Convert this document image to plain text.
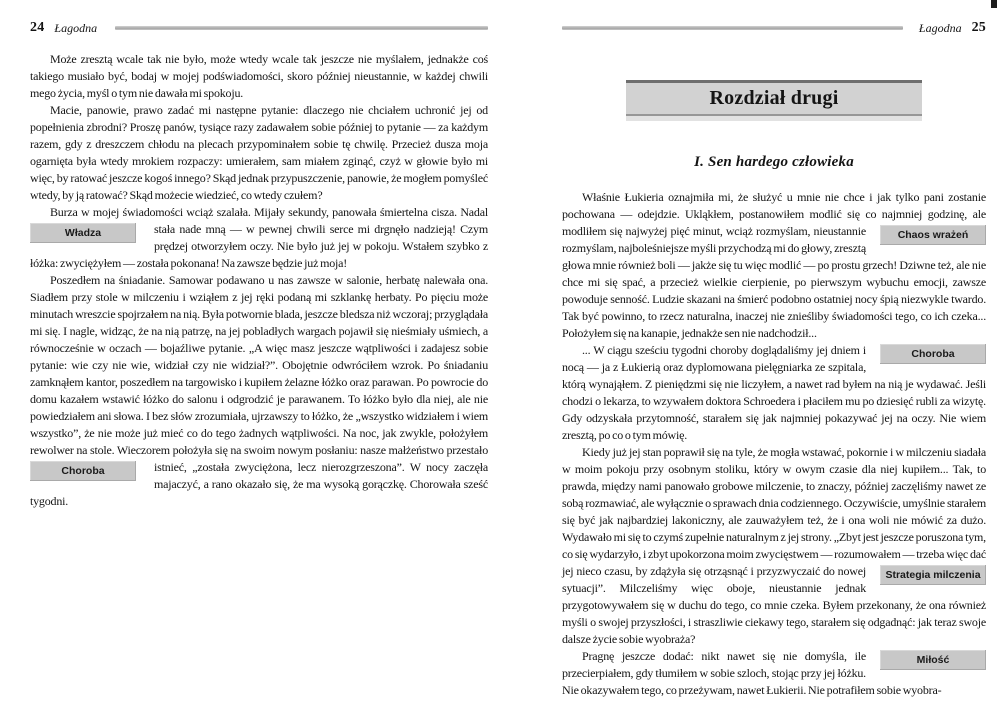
24 Łagodna

Może zresztą wcale tak nie było, może wtedy wcale tak jeszcze nie myślałem, jednakże coś takiego musiało być, bodaj w mojej podświadomości, skoro później nieustannie, w każdej chwili mego życia, myśl o tym nie dawała mi spokoju.

Macie, panowie, prawo zadać mi następne pytanie: dlaczego nie chciałem uchronić jej od popełnienia zbrodni? Proszę panów, tysiące razy zadawałem sobie później to pytanie — za każdym razem, gdy z dreszczem chłodu na plecach przypominałem sobie tę chwilę. Przecież dusza moja ogarnięta była wtedy mrokiem rozpaczy: umierałem, sam miałem zginąć, czyż w głowie było mi więc, by ratować jeszcze kogoś innego? Skąd jednak przypuszczenie, panowie, że mogłem pomyśleć wtedy, by ją ratować? Skąd możecie wiedzieć, co wtedy czułem?

Burza w mojej świadomości wciąż szalała. Mijały sekundy, panowała śmiertelna cisza. Nadal stała nade mną — w pewnej chwili serce mi drgnęło nadzieją! Czym
Władza
prędzej otworzyłem oczy. Nie było już jej w pokoju. Wstałem szybko z łóżka: zwyciężyłem — została pokonana! Na zawsze będzie już moja!

Poszedłem na śniadanie. Samowar podawano u nas zawsze w salonie, herbatę nalewała ona. Siadłem przy stole w milczeniu i wziąłem z jej ręki podaną mi szklankę herbaty. Po pięciu może minutach wreszcie spojrzałem na nią. Była potwornie blada, jeszcze bledsza niż wczoraj; przyglądała mi się. I nagle, widząc, że na nią patrzę, na jej pobladłych wargach pojawił się nieśmiały uśmiech, a równocześnie w oczach — bojaźliwe pytanie. „A więc masz jeszcze wątpliwości i zadajesz sobie pytanie: wie czy nie wie, widział czy nie widział?”. Obojętnie odwróciłem wzrok. Po śniadaniu zamknąłem kantor, poszedłem na targowisko i kupiłem żelazne łóżko oraz parawan. Po powrocie do domu kazałem wstawić łóżko do salonu i odgrodzić je parawanem. To łóżko było dla niej, ale nie powiedziałem ani słowa. I bez słów zrozumiała, ujrzawszy to łóżko, że „wszystko widziałem i wiem wszystko”, że nie może już mieć co do tego żadnych wątpliwości. Na noc, jak zwykle, położyłem rewolwer na stole. Wieczorem położyła się na swoim nowym posłaniu: nasze małżeństwo przestało istnieć, „została
Choroba	zwyciężona, lecz nierozgrzeszona”. W nocy zaczęła majaczyć, a rano okazało się, że ma wysoką gorączkę. Chorowała sześć tygodni.

Łagodna 25
Rozdział drugi

I. Sen hardego człowieka

Właśnie Łukieria oznajmiła mi, że służyć u mnie nie chce i jak tylko pani zostanie pochowana — odejdzie. Ukląkłem, postanowiłem modlić się co najmniej godzinę, ale modliłem się najwyżej pięć minut, wciąż rozmyślam,	Chaos wrażeń
nieustannie rozmyślam, najboleśniejsze myśli przychodzą mi do głowy, zresztą głowa mnie również boli — jakże się tu więc modlić — po prostu grzech! Dziwne też, ale nie chce mi się spać, a przecież wielkie cierpienie, po pierwszym wybuchu emocji, zawsze powoduje senność. Ludzie skazani na śmierć podobno ostatniej nocy śpią niezwykle twardo. Tak być powinno, to rzecz naturalna, inaczej nie znieśliby świadomości tego, co ich czeka... Położyłem się na kanapie, jednakże sen nie nadchodził...

Choroba
... W ciągu sześciu tygodni choroby doglądaliśmy jej dniem i nocą — ja z Łukierią oraz dyplomowana pielęgniarka ze szpitala, którą wynająłem. Z pieniędzmi się nie liczyłem, a nawet rad byłem na nią je wydawać. Jeśli chodzi o lekarza, to wzywałem doktora Schroedera i płaciłem mu po dziesięć rubli za wizytę. Gdy odzyskała przytomność, starałem się jak najmniej pokazywać jej na oczy. Nie wiem zresztą, po co o tym mówię.

Kiedy już jej stan poprawił się na tyle, że mogła wstawać, pokornie i w milczeniu siadała w moim pokoju przy osobnym stoliku, który w owym czasie dla niej kupiłem... Tak, to prawda, między nami panowało grobowe milczenie, to znaczy, później zaczęliśmy nawet ze sobą rozmawiać, ale wyłącznie o sprawach dnia codziennego. Oczywiście, umyślnie starałem się być jak najbardziej lakoniczny, ale zauważyłem też, że i ona woli nie mówić za dużo. Wydawało mi się to czymś zupełnie naturalnym z jej strony. „Zbyt jest jeszcze poruszona tym, co się wydarzyło, i zbyt upokorzona moim zwycięstwem — rozumowałem — trzeba więc dać jej nieco czasu, by zdążyła się	Strategia milczenia
otrząsnąć i przyzwyczaić do nowej sytuacji”. Milczeliśmy więc oboje, nieustannie jednak przygotowywałem się w duchu do tego, co mnie czeka. Byłem przekonany, że ona również myśli o swojej przyszłości, i straszliwie ciekawy tego, starałem się odgadnąć: jak teraz swoje dalsze życie sobie wyobraża?

Miłość
Pragnę jeszcze dodać: nikt nawet się nie domyśla, ile przecierpiałem, gdy tłumiłem w sobie szloch, stojąc przy jej łóżku. Nie okazywałem tego, co przeżywam, nawet Łukierii. Nie potrafiłem sobie wyobra-
